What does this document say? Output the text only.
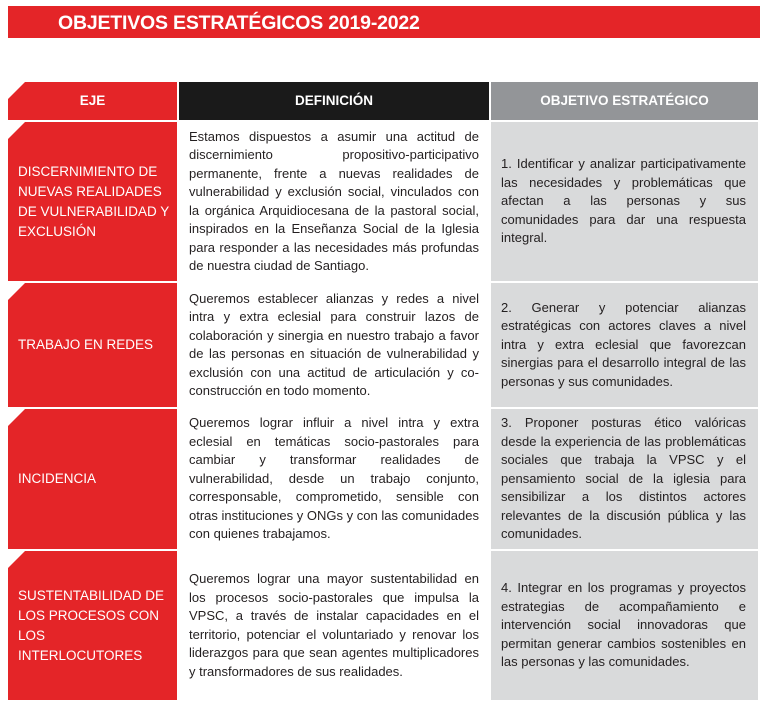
OBJETIVOS ESTRATÉGICOS 2019-2022
EJE	DEFINICIÓN	OBJETIVO ESTRATÉGICO
DISCERNIMIENTO DE NUEVAS REALIDADES DE VULNERABILIDAD Y EXCLUSIÓN
Estamos dispuestos a asumir una actitud de discernimiento propositivo-participativo permanente, frente a nuevas realidades de vulnerabilidad y exclusión social, vinculados con la orgánica Arquidiocesana de la pastoral social, inspirados en la Enseñanza Social de la Iglesia para responder a las necesidades más profundas de nuestra ciudad de Santiago.
1. Identificar y analizar participativamente las necesidades y problemáticas que afectan a las personas y sus comunidades para dar una respuesta integral.
TRABAJO EN REDES
Queremos establecer alianzas y redes a nivel intra y extra eclesial para construir lazos de colaboración y sinergia en nuestro trabajo a favor de las personas en situación de vulnerabilidad y exclusión con una actitud de articulación y co-construcción en todo momento.
2. Generar y potenciar alianzas estratégicas con actores claves a nivel intra y extra eclesial que favorezcan sinergias para el desarrollo integral de las personas y sus comunidades.
INCIDENCIA
Queremos lograr influir a nivel intra y extra eclesial en temáticas socio-pastorales para cambiar y transformar realidades de vulnerabilidad, desde un trabajo conjunto, corresponsable, comprometido, sensible con otras instituciones y ONGs y con las comunidades con quienes trabajamos.
3. Proponer posturas ético valóricas desde la experiencia de las problemáticas sociales que trabaja la VPSC y el pensamiento social de la iglesia para sensibilizar a los distintos actores relevantes de la discusión pública y las comunidades.
SUSTENTABILIDAD DE LOS PROCESOS CON LOS INTERLOCUTORES
Queremos lograr una mayor sustentabilidad en los procesos socio-pastorales que impulsa la VPSC, a través de instalar capacidades en el territorio, potenciar el voluntariado y renovar los liderazgos para que sean agentes multiplicadores y transformadores de sus realidades.
4. Integrar en los programas y proyectos estrategias de acompañamiento e intervención social innovadoras que permitan generar cambios sostenibles en las personas y las comunidades.
